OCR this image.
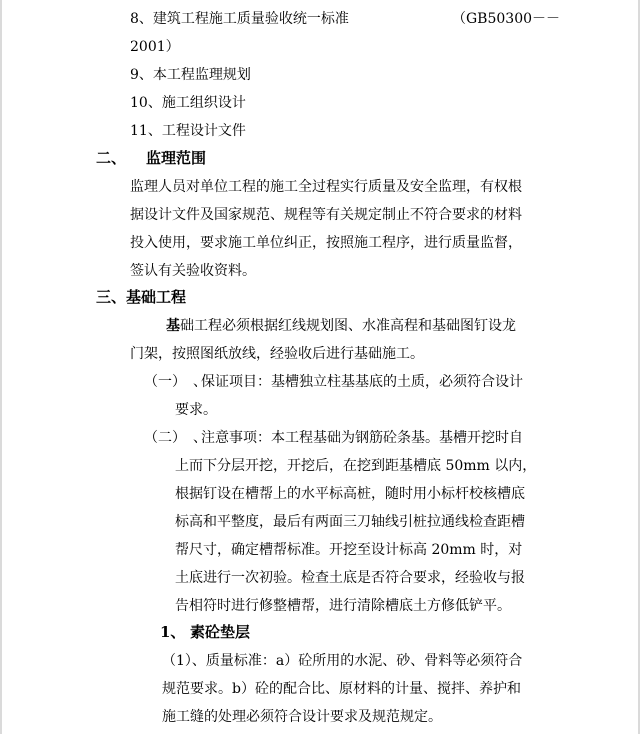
8、建筑工程施工质量验收统一标准	（GB50300－－
2001）
9、本工程监理规划
10、施工组织设计
11、工程设计文件
二、 监理范围
监理人员对单位工程的施工全过程实行质量及安全监理，有权根
据设计文件及国家规范、规程等有关规定制止不符合要求的材料
投入使用，要求施工单位纠正，按照施工程序，进行质量监督，
签认有关验收资料。
三、基础工程
基础工程必须根据红线规划图、水准高程和基础图钉设龙
门架，按照图纸放线，经验收后进行基础施工。
（一）　、
保证项目：基槽独立柱基基底的土质，必须符合设计
要求。
（二）　、
注意事项：本工程基础为钢筋砼条基。基槽开挖时自
上而下分层开挖，开挖后，在挖到距基槽底 50mm 以内，
根据钉设在槽帮上的水平标高桩，随时用小标杆校核槽底
标高和平整度，最后有两面三刀轴线引桩拉通线检查距槽
帮尺寸，确定槽帮标准。开挖至设计标高 20mm 时，对
土底进行一次初验。检查土底是否符合要求，经验收与报
告相符时进行修整槽帮，进行清除槽底土方修低铲平。
1、 素砼垫层
（1）、质量标准：a）砼所用的水泥、砂、骨料等必须符合
规范要求。b）砼的配合比、原材料的计量、搅拌、养护和
施工缝的处理必须符合设计要求及规范规定。
